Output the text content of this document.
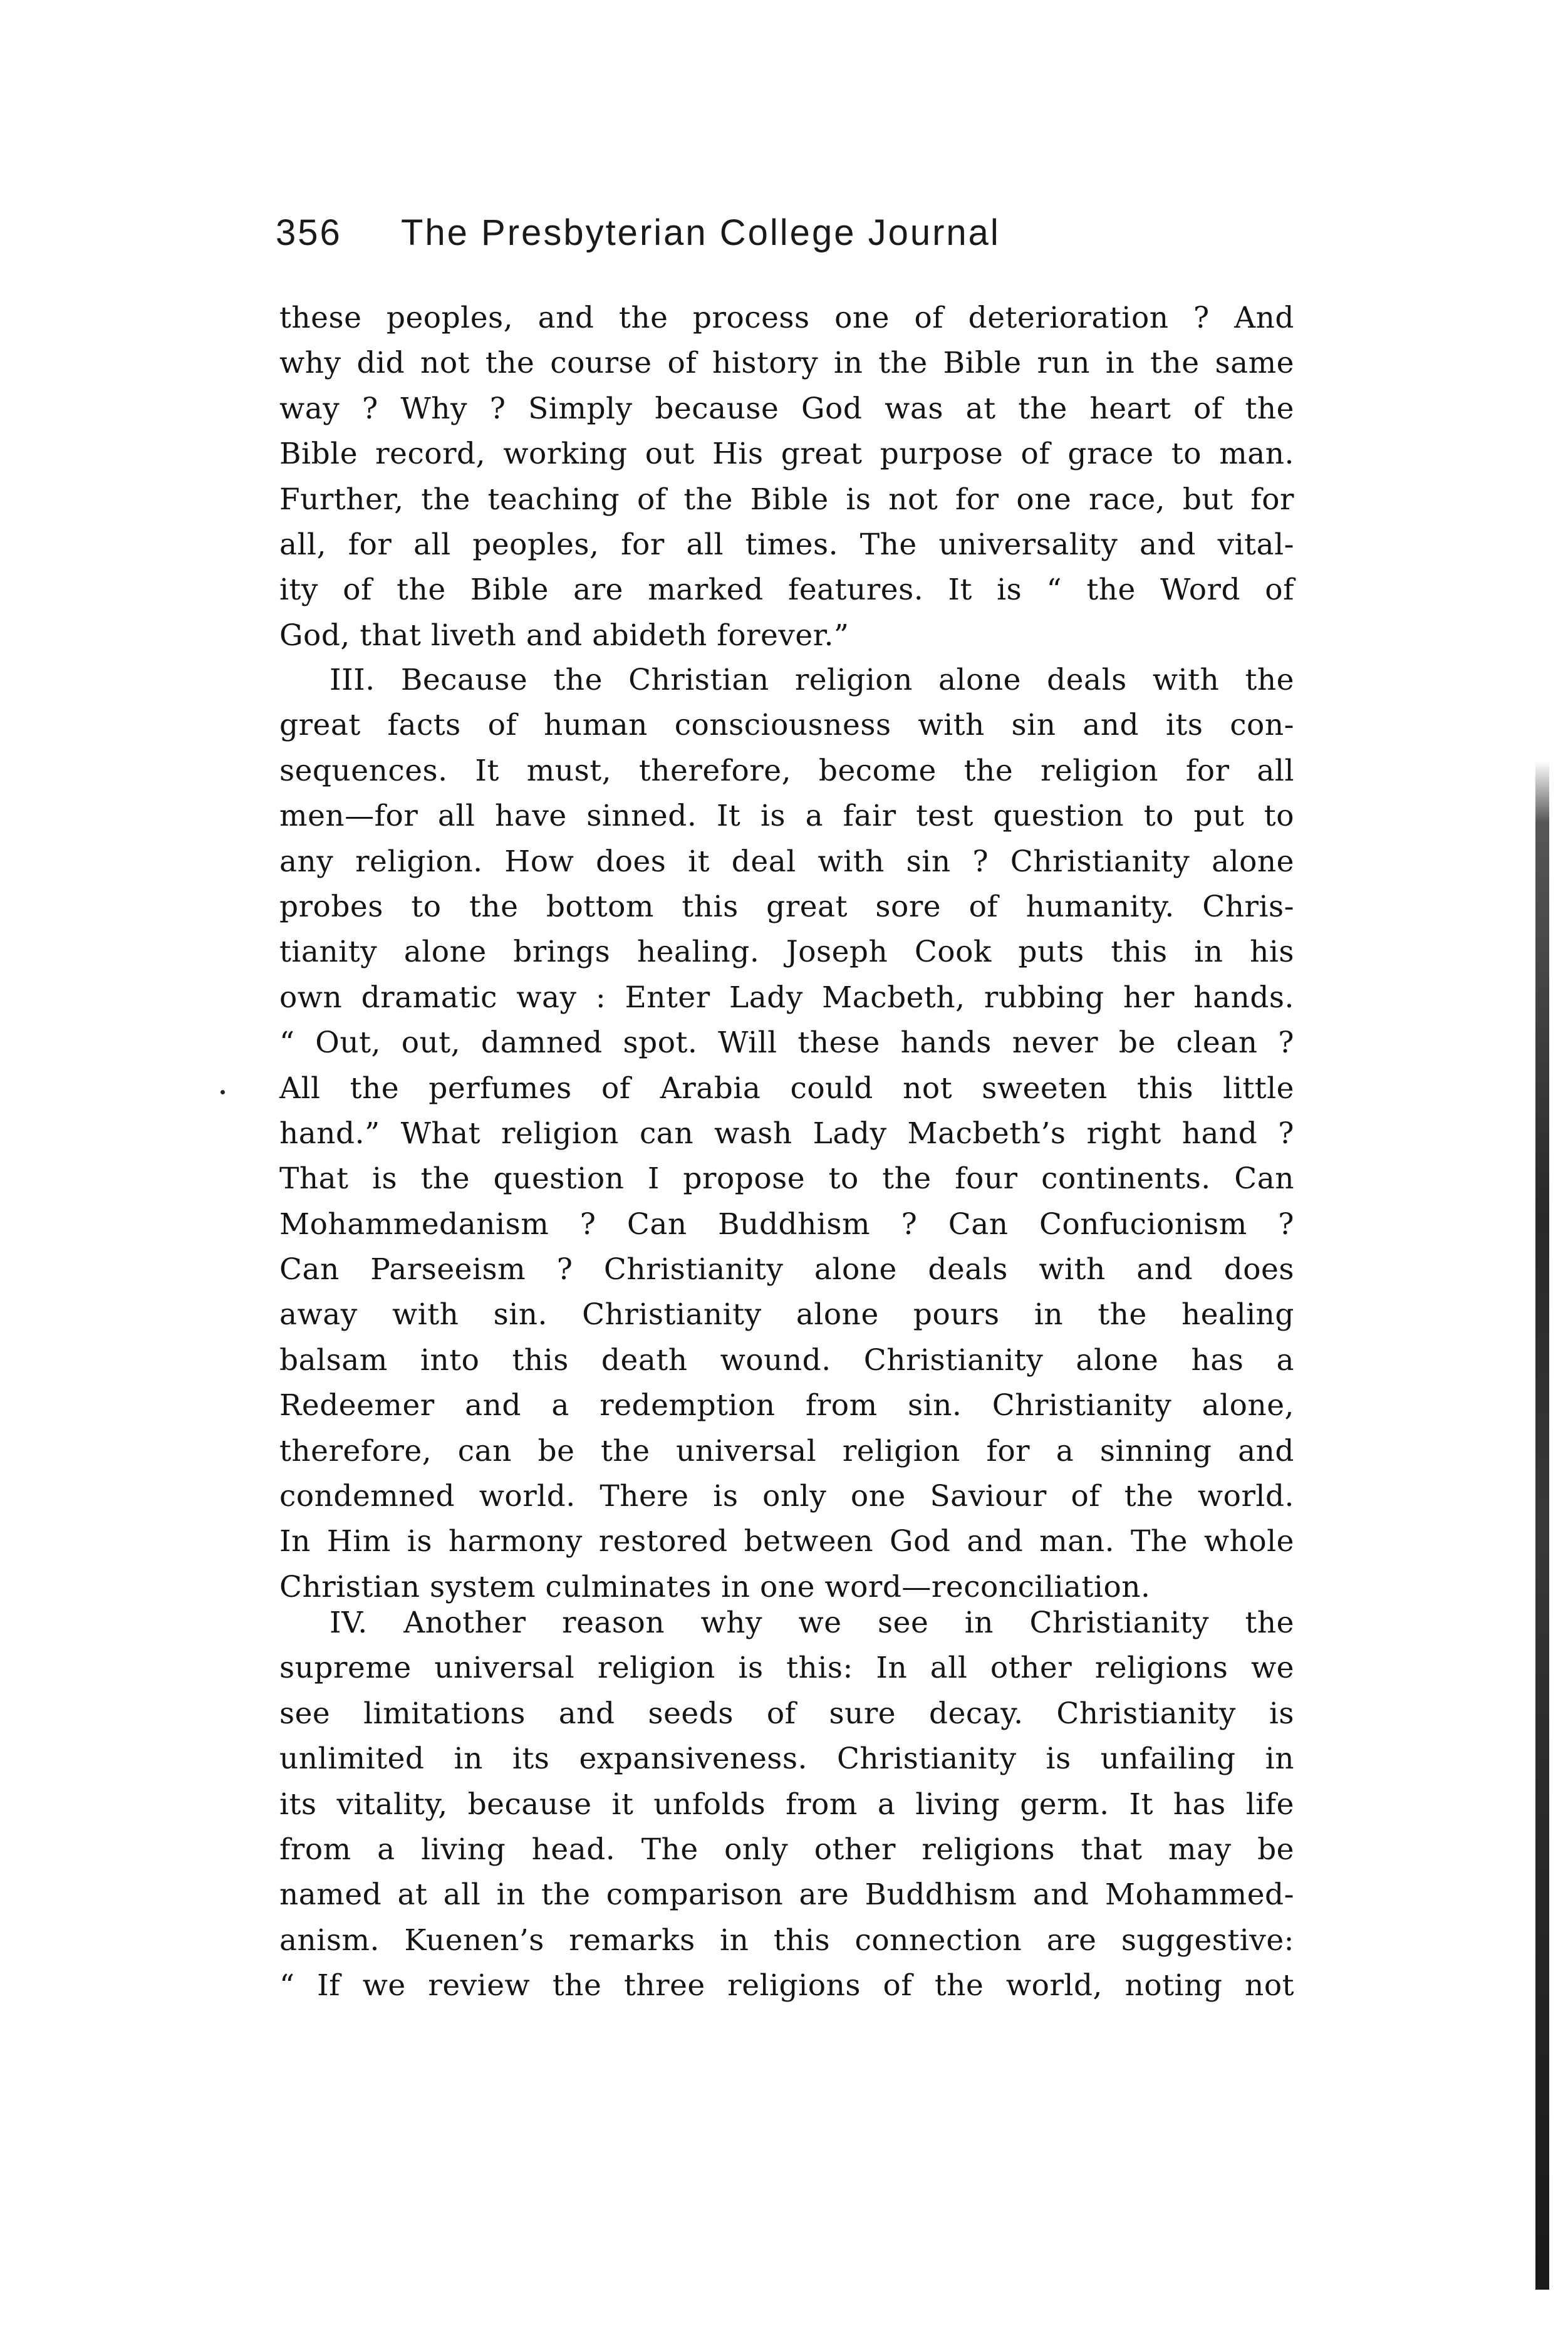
356 The Presbyterian College Journal
these peoples, and the process one of deterioration ? And
why did not the course of history in the Bible run in the same
way ? Why ? Simply because God was at the heart of the
Bible record, working out His great purpose of grace to man.
Further, the teaching of the Bible is not for one race, but for
all, for all peoples, for all times. The universality and vital-
ity of the Bible are marked features. It is “ the Word of
God, that liveth and abideth forever.”
III. Because the Christian religion alone deals with the
great facts of human consciousness with sin and its con-
sequences. It must, therefore, become the religion for all
men—for all have sinned. It is a fair test question to put to
any religion. How does it deal with sin ? Christianity alone
probes to the bottom this great sore of humanity. Chris-
tianity alone brings healing. Joseph Cook puts this in his
own dramatic way : Enter Lady Macbeth, rubbing her hands.
“ Out, out, damned spot. Will these hands never be clean ?
All the perfumes of Arabia could not sweeten this little
hand.” What religion can wash Lady Macbeth’s right hand ?
That is the question I propose to the four continents. Can
Mohammedanism ? Can Buddhism ? Can Confucionism ?
Can Parseeism ? Christianity alone deals with and does
away with sin. Christianity alone pours in the healing
balsam into this death wound. Christianity alone has a
Redeemer and a redemption from sin. Christianity alone,
therefore, can be the universal religion for a sinning and
condemned world. There is only one Saviour of the world.
In Him is harmony restored between God and man. The whole
Christian system culminates in one word—reconciliation.
IV. Another reason why we see in Christianity the
supreme universal religion is this: In all other religions we
see limitations and seeds of sure decay. Christianity is
unlimited in its expansiveness. Christianity is unfailing in
its vitality, because it unfolds from a living germ. It has life
from a living head. The only other religions that may be
named at all in the comparison are Buddhism and Mohammed-
anism. Kuenen’s remarks in this connection are suggestive:
“ If we review the three religions of the world, noting not
